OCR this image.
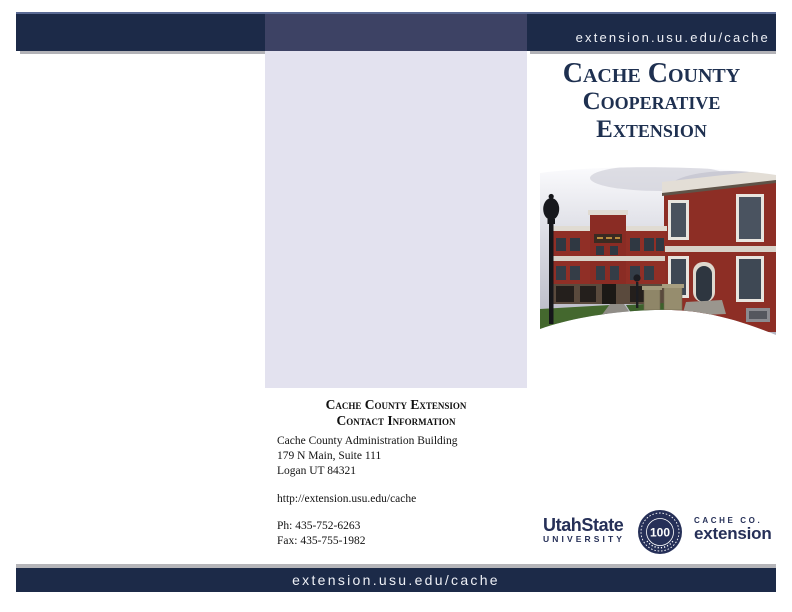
extension.usu.edu/cache
Cache County
Cooperative
Extension
Cache County Extension
Contact Information
Cache County Administration Building
179 N Main, Suite 111
Logan UT 84321
http://extension.usu.edu/cache
Ph: 435-752-6263
Fax: 435-755-1982
UtahState
UNIVERSITY 100
CACHE CO.
extension
extension.usu.edu/cache
